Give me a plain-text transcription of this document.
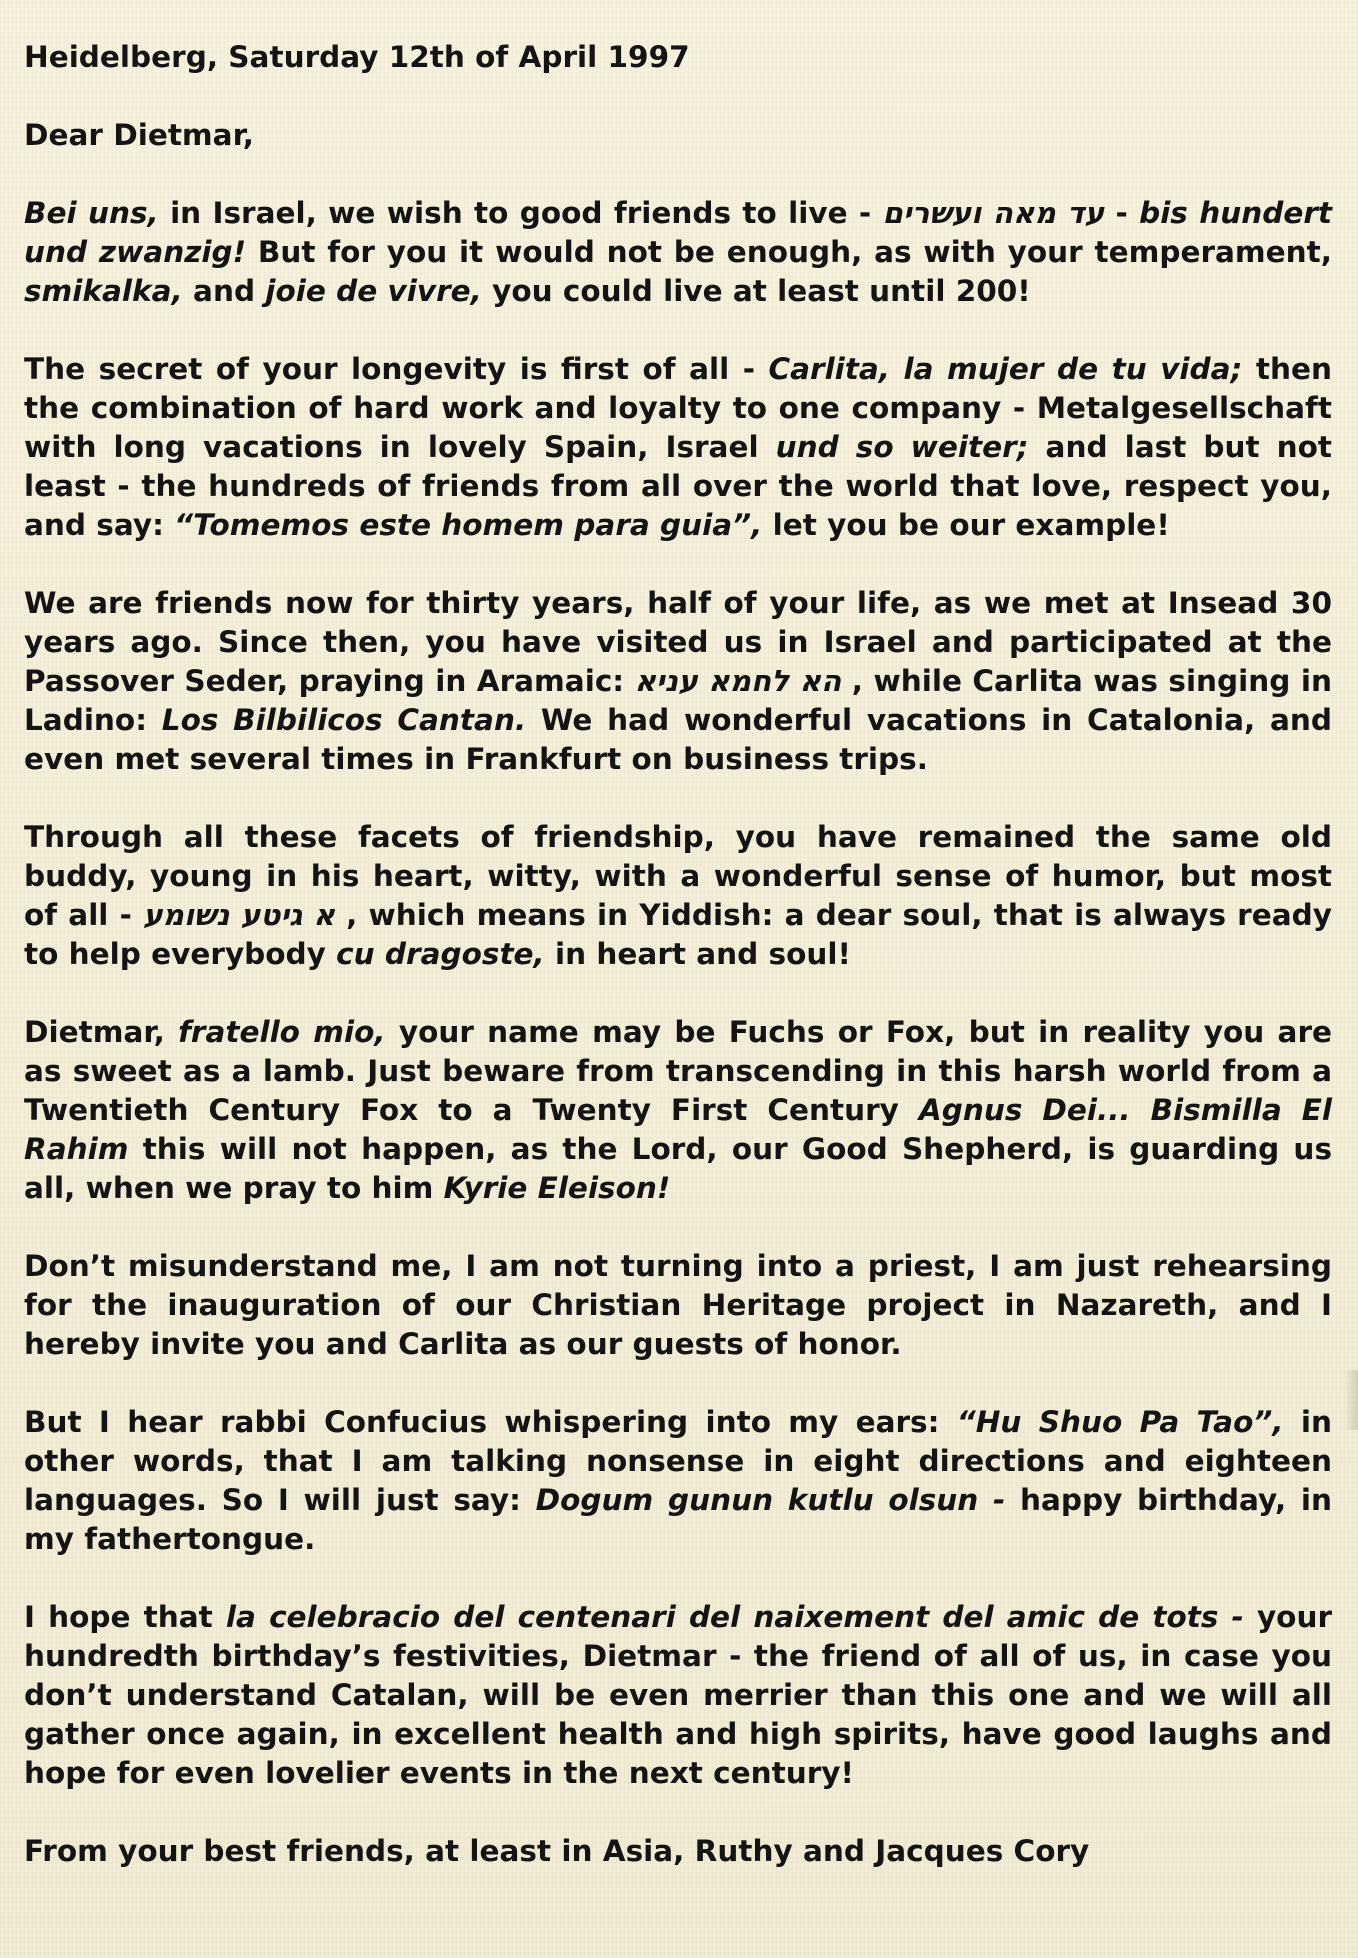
Heidelberg, Saturday 12th of April 1997

Dear Dietmar,

Bei uns, in Israel, we wish to good friends to live - עד מאה ועשרים - bis hundert und zwanzig! But for you it would not be enough, as with your temperament, smikalka, and joie de vivre, you could live at least until 200!

The secret of your longevity is first of all - Carlita, la mujer de tu vida; then the combination of hard work and loyalty to one company - Metalgesellschaft with long vacations in lovely Spain, Israel und so weiter; and last but not least - the hundreds of friends from all over the world that love, respect you, and say: “Tomemos este homem para guia”, let you be our example!

We are friends now for thirty years, half of your life, as we met at Insead 30 years ago. Since then, you have visited us in Israel and participated at the Passover Seder, praying in Aramaic: הא לחמא עניא , while Carlita was singing in Ladino: Los Bilbilicos Cantan. We had wonderful vacations in Catalonia, and even met several times in Frankfurt on business trips.

Through all these facets of friendship, you have remained the same old buddy, young in his heart, witty, with a wonderful sense of humor, but most of all - א גיטע נשומע , which means in Yiddish: a dear soul, that is always ready to help everybody cu dragoste, in heart and soul!

Dietmar, fratello mio, your name may be Fuchs or Fox, but in reality you are as sweet as a lamb. Just beware from transcending in this harsh world from a Twentieth Century Fox to a Twenty First Century Agnus Dei... Bismilla El Rahim this will not happen, as the Lord, our Good Shepherd, is guarding us all, when we pray to him Kyrie Eleison!

Don’t misunderstand me, I am not turning into a priest, I am just rehearsing for the inauguration of our Christian Heritage project in Nazareth, and I hereby invite you and Carlita as our guests of honor.

But I hear rabbi Confucius whispering into my ears: “Hu Shuo Pa Tao”, in other words, that I am talking nonsense in eight directions and eighteen languages. So I will just say: Dogum gunun kutlu olsun - happy birthday, in my fathertongue.

I hope that la celebracio del centenari del naixement del amic de tots - your hundredth birthday’s festivities, Dietmar - the friend of all of us, in case you don’t understand Catalan, will be even merrier than this one and we will all gather once again, in excellent health and high spirits, have good laughs and hope for even lovelier events in the next century!

From your best friends, at least in Asia, Ruthy and Jacques Cory
